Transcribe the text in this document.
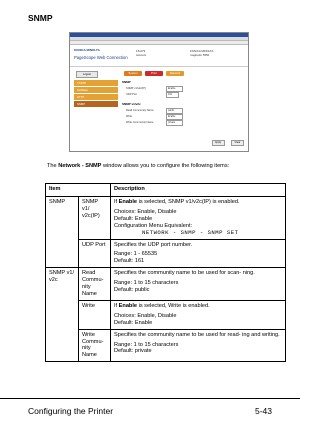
SNMP
KONICA MINOLTA
PageScope Web Connection
FS-679
Account
KONICA MINOLTA
magicolor 5550
Logout	System	Print	Network
TCP/IP
NetWare
HTTP
SNMP
SNMP
SNMP v1/v2c(IP)	Enable
UDP Port	161
SNMP v1/v2c
Read Community Name	public
Write	Enable
Write Community Name	private
Apply	Clear
The Network - SNMP window allows you to configure the following items:
Item		Description
SNMP	SNMP v1/ v2c(IP)	If Enable is selected, SNMP v1/v2c(IP) is enabled.
Choices: Enable, Disable
Default: Enable
Configuration Menu Equivalent:
NETWORK - SNMP - SNMP SET

	UDP Port	Specifies the UDP port number.
Range: 1 - 65535
Default: 161

SNMP v1/ v2c	Read Commu- nity Name	Specifies the community name to be used for scan- ning.
Range: 1 to 15 characters
Default: public

	Write	If Enable is selected, Write is enabled.
Choices: Enable, Disable
Default: Enable

	Write Commu- nity Name	Specifies the community name to be used for read- ing and writing.
Range: 1 to 15 characters
Default: private
Configuring the Printer	5-43
